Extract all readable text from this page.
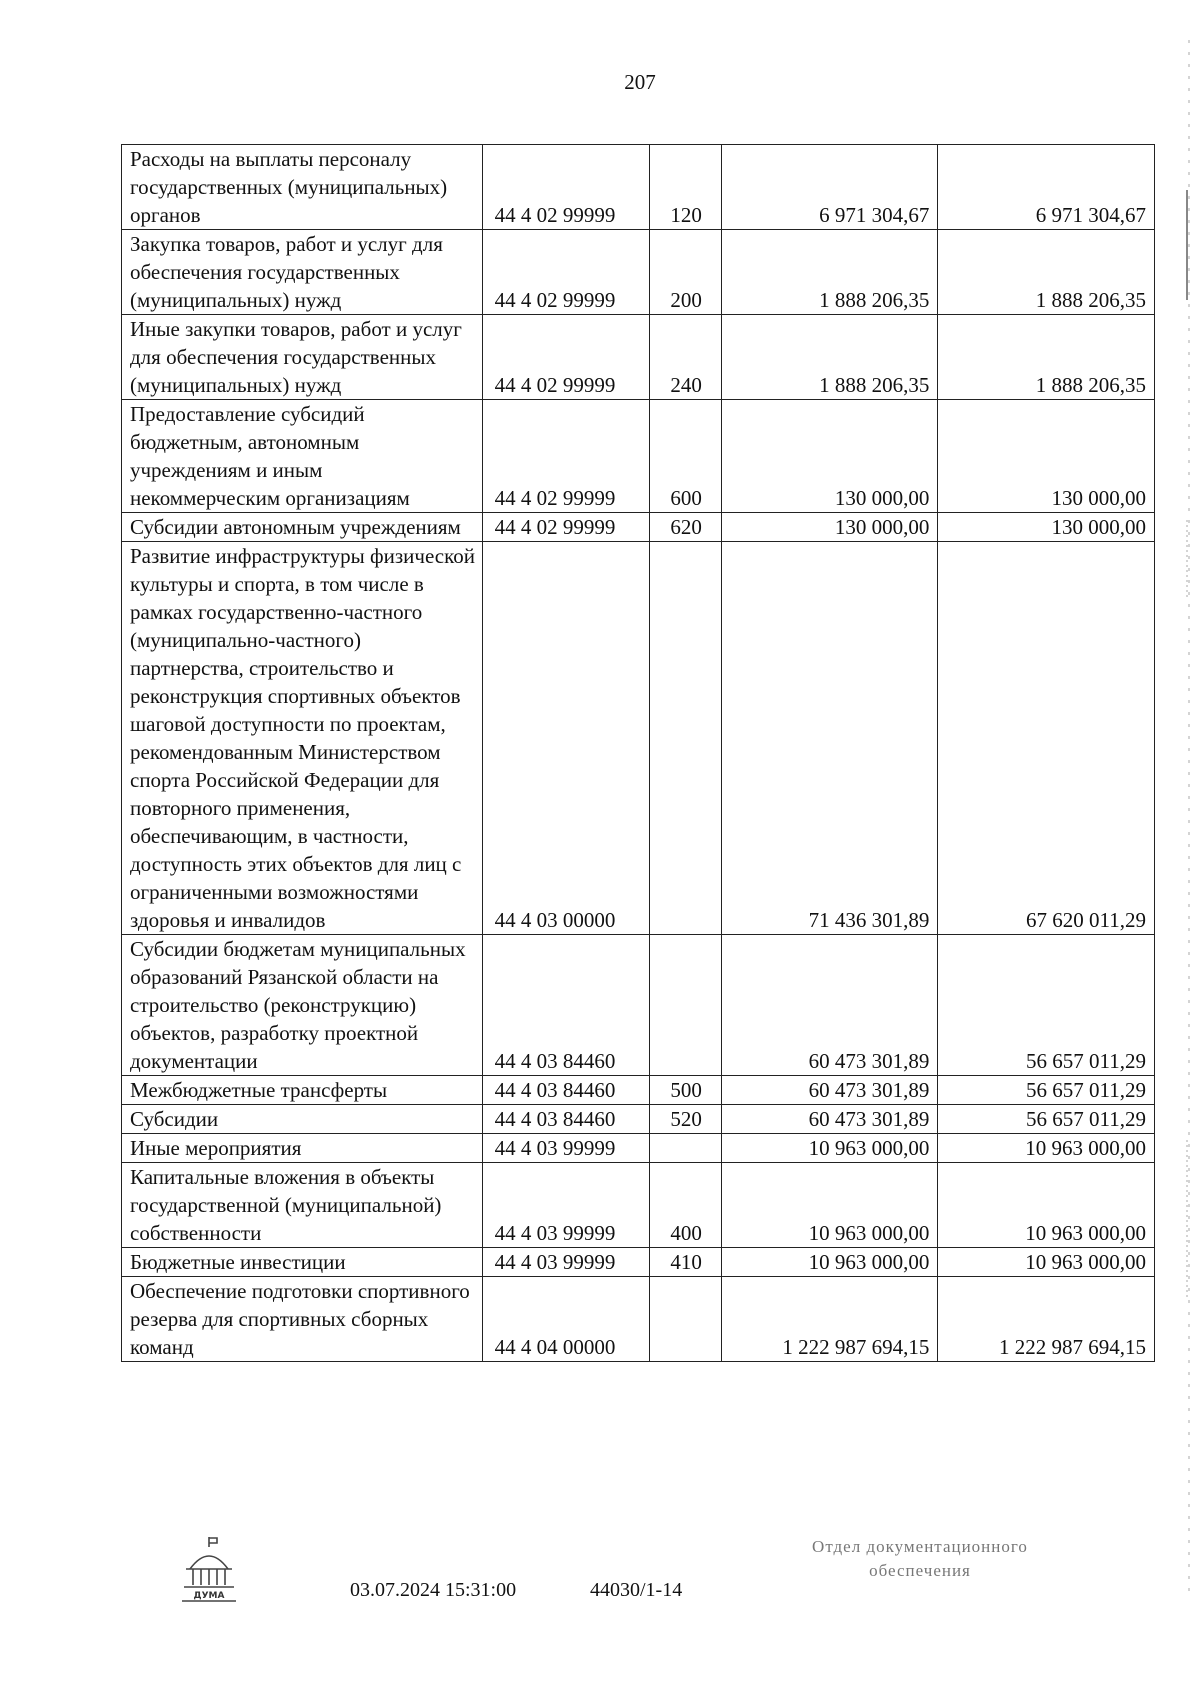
207
Расходы на выплаты персоналу государственных (муниципальных) органов	44 4 02 99999	120	6 971 304,67	6 971 304,67
Закупка товаров, работ и услуг для обеспечения государственных (муниципальных) нужд	44 4 02 99999	200	1 888 206,35	1 888 206,35
Иные закупки товаров, работ и услуг для обеспечения государственных (муниципальных) нужд	44 4 02 99999	240	1 888 206,35	1 888 206,35
Предоставление субсидий бюджетным, автономным учреждениям и иным некоммерческим организациям	44 4 02 99999	600	130 000,00	130 000,00
Субсидии автономным учреждениям	44 4 02 99999	620	130 000,00	130 000,00
Развитие инфраструктуры физической культуры и спорта, в том числе в рамках государственно-частного (муниципально-частного) партнерства, строительство и реконструкция спортивных объектов шаговой доступности по проектам, рекомендованным Министерством спорта Российской Федерации для повторного применения, обеспечивающим, в частности, доступность этих объектов для лиц с ограниченными возможностями здоровья и инвалидов	44 4 03 00000		71 436 301,89	67 620 011,29
Субсидии бюджетам муниципальных образований Рязанской области на строительство (реконструкцию) объектов, разработку проектной документации	44 4 03 84460		60 473 301,89	56 657 011,29
Межбюджетные трансферты	44 4 03 84460	500	60 473 301,89	56 657 011,29
Субсидии	44 4 03 84460	520	60 473 301,89	56 657 011,29
Иные мероприятия	44 4 03 99999		10 963 000,00	10 963 000,00
Капитальные вложения в объекты государственной (муниципальной) собственности	44 4 03 99999	400	10 963 000,00	10 963 000,00
Бюджетные инвестиции	44 4 03 99999	410	10 963 000,00	10 963 000,00
Обеспечение подготовки спортивного резерва для спортивных сборных команд	44 4 04 00000		1 222 987 694,15	1 222 987 694,15
ДУМА	03.07.2024 15:31:00	44030/1-14
Отдел документационного
обеспечения
